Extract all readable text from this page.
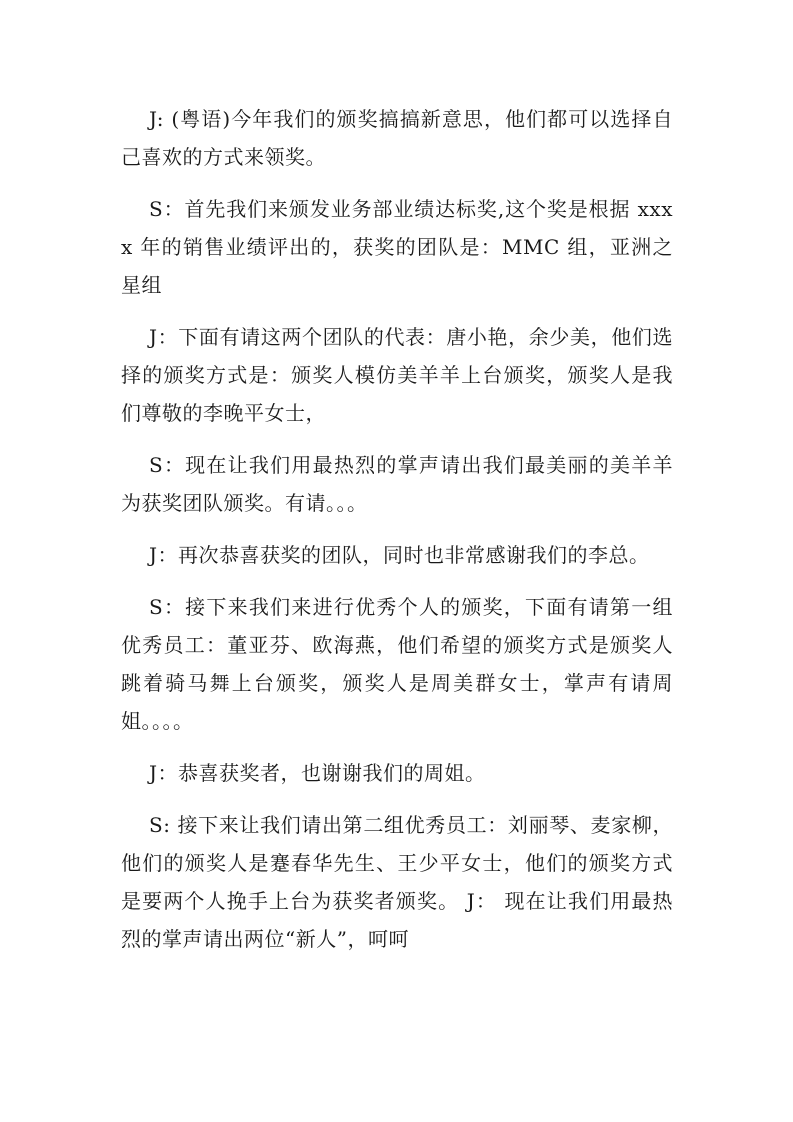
J: (粤语)今年我们的颁奖搞搞新意思，他们都可以选择自己喜欢的方式来领奖。

S：首先我们来颁发业务部业绩达标奖,这个奖是根据 xxxx 年的销售业绩评出的，获奖的团队是：MMC 组，亚洲之星组

J：下面有请这两个团队的代表：唐小艳，余少美，他们选择的颁奖方式是：颁奖人模仿美羊羊上台颁奖，颁奖人是我们尊敬的李晚平女士，

S：现在让我们用最热烈的掌声请出我们最美丽的美羊羊为获奖团队颁奖。有请。。。

J：再次恭喜获奖的团队，同时也非常感谢我们的李总。

S：接下来我们来进行优秀个人的颁奖，下面有请第一组优秀员工：董亚芬、欧海燕，他们希望的颁奖方式是颁奖人跳着骑马舞上台颁奖，颁奖人是周美群女士，掌声有请周姐。。。。

J：恭喜获奖者，也谢谢我们的周姐。

S: 接下来让我们请出第二组优秀员工：刘丽琴、麦家柳，他们的颁奖人是蹇春华先生、王少平女士，他们的颁奖方式是要两个人挽手上台为获奖者颁奖。 J： 现在让我们用最热烈的掌声请出两位“新人”，呵呵
